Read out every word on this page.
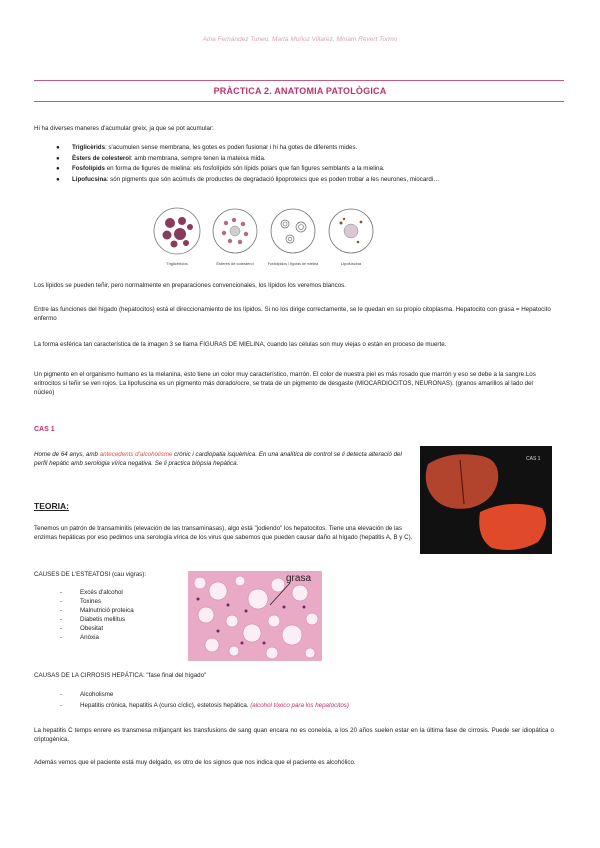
Aina Fernández Tuneu, Marta Muñoz Villarez, Míriam Revert Tormo
PRÀCTICA 2. ANATOMIA PATOLÒGICA
Hi ha diverses maneres d'acumular greix, ja que se pot acumular:
● Triglicèrids: s'acumulen sense membrana, les gotes es poden fusionar i hi ha gotes de diferents mides.
● Èsters de colesterol: amb membrana, sempre tenen la mateixa mida.
● Fosfolípids en forma de figures de mielina: els fosfolípids són lípids polars que fan figures semblants a la mielina.
● Lipofucsina: són pigments que són acúmuls de productes de degradació lipoproteics que es poden trobar a les neurones, miocardi…
Triglicéridos	Ésteres de colesterol	Fosfolípidos / figuras de mielina	Lipofuscina
Los lípidos se pueden teñir, pero normalmente en preparaciones convencionales, los lípidos los veremos blancos.
Entre las funciones del hígado (hepatocitos) está el direccionamiento de los lípidos. Si no los dirige correctamente, se le quedan en su propio citoplasma. Hepatocito con grasa = Hepatocito enfermo
La forma esférica tan característica de la imagen 3 se llama FIGURAS DE MIELINA, cuando las células son muy viejas o están en proceso de muerte.
Un pigmento en el organismo humano es la melanina, esto tiene un color muy característico, marrón. El color de nuestra piel es más rosado que marrón y eso se debe a la sangre.Los eritrocitos si teñir se ven rojos. La lipofuscina es un pigmento más dorado/ocre, se trata de un pigmento de desgaste (MIOCARDIOCITOS, NEURONAS). (granos amarillos al lado del núcleo)
CAS 1
Home de 64 anys, amb antecedents d'alcoholisme crònic i cardiopatia isquèmica. En una analítica de control se li detecta alteració del perfil hepàtic amb serologia vírica negativa. Se li practica biòpsia hepàtica.
CAS 1
TEORIA:
Tenemos un patrón de transaminitis (elevación de las transaminasas), algo está "jodiendo" los hepatocitos. Tiene una elevación de las enzimas hepáticas por eso pedimos una serología vírica de los virus que sabemos que pueden causar daño al hígado (hepatitis A, B y C).
CAUSES DE L'ESTEATOSI (cau vigras):
-	Excés d'alcohol
-	Toxines
-	Malnutrició proteica
-	Diabetis mellitus
-	Obesitat
-	Anòxia
grasa
CAUSAS DE LA CIRROSIS HEPÁTICA: "fase final del hígado"
-	Alcoholisme
-	Hepatitis crònica, hepatitis A (curso cíclic), estetosis hepàtica. (alcohol tóxico para los hepatocitos)
La hepatitis C temps enrere es transmesa mitjançant les transfusions de sang quan encara no es coneixia, a los 20 años suelen estar en la última fase de cirrosis. Puede ser idiopática o criptogénica.
Además vemos que el paciente está muy delgado, es otro de los signos que nos indica que el paciente es alcohólico.
